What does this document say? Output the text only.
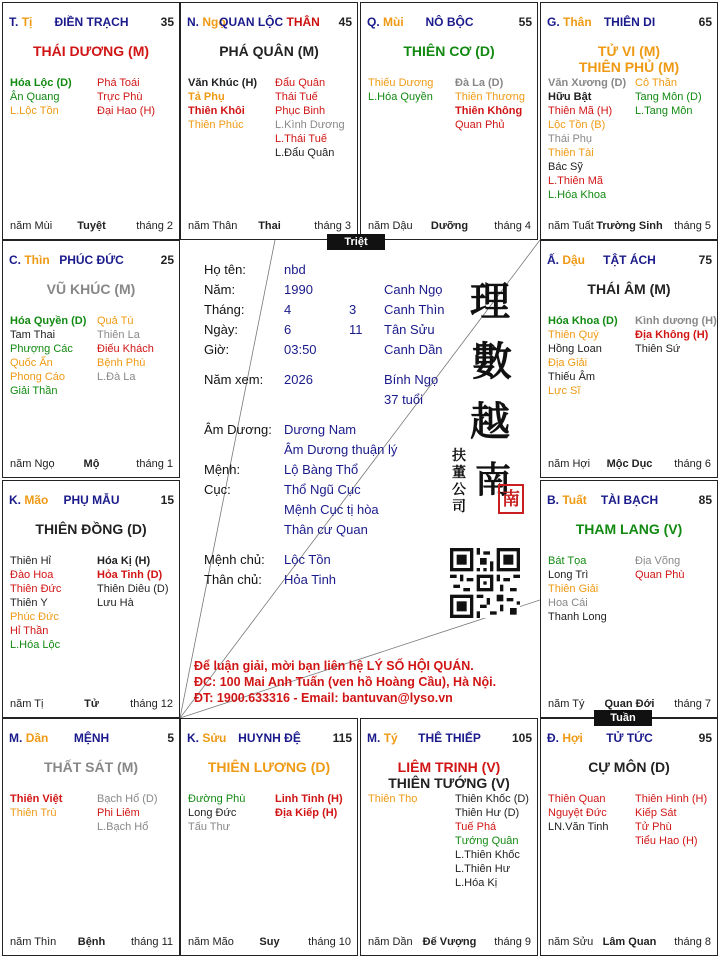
T. Tị	ĐIỀN TRẠCH	35
THÁI DƯƠNG (M)
Hóa Lộc (D)
Ân Quang
L.Lộc Tồn
Phá Toái
Trực Phù
Đại Hao (H)
năm Mùi	Tuyệt	tháng 2
N. Ngọ
QUAN LỘC THÂN	45
PHÁ QUÂN (M)
Văn Khúc (H)
Tả Phụ
Thiên Khôi
Thiên Phúc
Đẩu Quân
Thái Tuế
Phục Binh
L.Kình Dương
L.Thái Tuế
L.Đẩu Quân
năm Thân	Thai	tháng 3
Q. Mùi	NÔ BỘC	55
THIÊN CƠ (D)
Thiếu Dương
L.Hóa Quyền
Đà La (D)
Thiên Thương
Thiên Không
Quan Phủ
năm Dậu	Dưỡng	tháng 4
G. Thân	THIÊN DI	65
TỬ VI (M)
THIÊN PHỦ (M)
Văn Xương (D)
Hữu Bật
Thiên Mã (H)
Lộc Tồn (B)
Thái Phụ
Thiên Tài
Bác Sỹ
L.Thiên Mã
L.Hóa Khoa
Cô Thần
Tang Môn (D)
L.Tang Môn
năm Tuất Trường Sinh	tháng 5
C. Thìn PHÚC ĐỨC	25
VŨ KHÚC (M)
Hóa Quyền (D)
Tam Thai
Phượng Các
Quốc Ấn
Phong Cáo
Giải Thần
Quả Tú
Thiên La
Điếu Khách
Bệnh Phù
L.Đà La
năm Ngọ	Mộ	tháng 1
Ấ. Dậu	TẬT ÁCH	75
THÁI ÂM (M)
Hóa Khoa (D)
Thiên Quý
Hồng Loan
Địa Giải
Thiếu Âm
Lực Sĩ
Kình dương (H)
Địa Không (H)
Thiên Sứ
năm Hợi	Mộc Dục	tháng 6
K. Mão	PHỤ MẪU	15
THIÊN ĐỒNG (D)
Thiên Hỉ
Đào Hoa
Thiên Đức
Thiên Y
Phúc Đức
Hỉ Thần
L.Hóa Lộc
Hóa Kị (H)
Hỏa Tinh (D)
Thiên Diêu (D)
Lưu Hà
năm Tị	Tử	tháng 12
B. Tuất	TÀI BẠCH	85
THAM LANG (V)
Bát Tọa
Long Trì
Thiên Giải
Hoa Cái
Thanh Long
Địa Võng
Quan Phù
năm Tý	Quan Đới	tháng 7
M. Dần	MỆNH	5
THẤT SÁT (M)
Thiên Việt
Thiên Trù
Bạch Hổ (D)
Phi Liêm
L.Bạch Hổ
năm Thìn	Bệnh	tháng 11
K. Sửu HUYNH ĐỆ	115
THIÊN LƯƠNG (D)
Đường Phù
Long Đức
Tấu Thư
Linh Tinh (H)
Địa Kiếp (H)
năm Mão	Suy	tháng 10
M. Tý	THÊ THIẾP	105
LIÊM TRINH (V)
THIÊN TƯỚNG (V)
Thiên Thọ	Thiên Khốc (D)
Thiên Hư (D)
Tuế Phá
Tướng Quân
L.Thiên Khốc
L.Thiên Hư
L.Hóa Kị
năm Dần Đế Vượng	tháng 9
Đ. Hợi	TỬ TỨC	95
CỰ MÔN (D)
Thiên Quan
Nguyệt Đức
LN.Văn Tinh
Thiên Hình (H)
Kiếp Sát
Tử Phù
Tiểu Hao (H)
năm Sửu Lâm Quan	tháng 8
Họ tên:	nbd
Năm:	1990	Canh Ngọ
Tháng:	4	3 Canh Thìn
Ngày:	6	11 Tân Sửu
Giờ:	03:50	Canh Dần
Năm xem: 2026	Bính Ngọ
37 tuổi
Âm Dương: Dương Nam
Âm Dương thuận lý
Mệnh:	Lộ Bàng Thổ
Cục:	Thổ Ngũ Cục
Mệnh Cục tị hòa
Thân cư Quan
Mệnh chủ: Lộc Tồn
Thân chủ: Hỏa Tinh
理
數
越
南
南
扶
董
公
司
Để luận giải, mời bạn liên hệ LÝ SỐ HỘI QUÁN.
ĐC: 100 Mai Anh Tuấn (ven hồ Hoàng Cầu), Hà Nội.
ĐT: 1900.633316 - Email: bantuvan@lyso.vn
Triệt
Tuần
